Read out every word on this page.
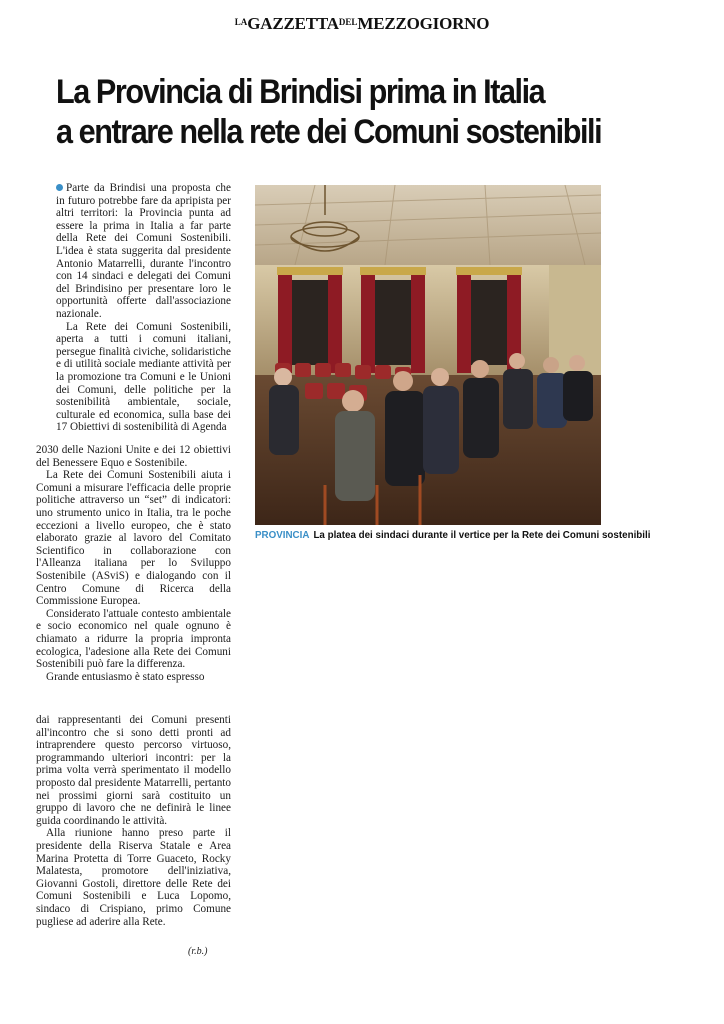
$^{LA}GAZZETTA^{DEL}MEZZOGIORNO$
La Provincia di Brindisi prima in Italia
a entrare nella rete dei Comuni sostenibili

Parte da Brindisi una proposta che in futuro potrebbe fare da apripista per altri territori: la Provincia punta ad essere la prima in Italia a far parte della Rete dei Comuni Sostenibili. L'idea è stata suggerita dal presidente Antonio Matarrelli, durante l'incontro con 14 sindaci e delegati dei Comuni del Brindisino per presentare loro le opportunità offerte dall'associazione nazionale.

La Rete dei Comuni Sostenibili, aperta a tutti i comuni italiani, persegue finalità civiche, solidaristiche e di utilità sociale mediante attività per la promozione tra Comuni e le Unioni dei Comuni, delle politiche per la sostenibilità ambientale, sociale, culturale ed economica, sulla base dei 17 Obiettivi di sostenibilità di Agenda

2030 delle Nazioni Unite e dei 12 obiettivi del Benessere Equo e Sostenibile.

La Rete dei Comuni Sostenibili aiuta i Comuni a misurare l'efficacia delle proprie politiche attraverso un “set” di indicatori: uno strumento unico in Italia, tra le poche eccezioni a livello europeo, che è stato elaborato grazie al lavoro del Comitato Scientifico in collaborazione con l'Alleanza italiana per lo Sviluppo Sostenibile (ASviS) e dialogando con il Centro Comune di Ricerca della Commissione Europea.

Considerato l'attuale contesto ambientale e socio economico nel quale ognuno è chiamato a ridurre la propria impronta ecologica, l'adesione alla Rete dei Comuni Sostenibili può fare la differenza.

Grande entusiasmo è stato espresso

dai rappresentanti dei Comuni presenti all'incontro che si sono detti pronti ad intraprendere questo percorso virtuoso, programmando ulteriori incontri: per la prima volta verrà sperimentato il modello proposto dal presidente Matarrelli, pertanto nei prossimi giorni sarà costituito un gruppo di lavoro che ne definirà le linee guida coordinando le attività.

Alla riunione hanno preso parte il presidente della Riserva Statale e Area Marina Protetta di Torre Guaceto, Rocky Malatesta, promotore dell'iniziativa, Giovanni Gostoli, direttore delle Rete dei Comuni Sostenibili e Luca Lopomo, sindaco di Crispiano, primo Comune pugliese ad aderire alla Rete.

(r.b.)
PROVINCIA La platea dei sindaci durante il vertice per la Rete dei Comuni sostenibili
